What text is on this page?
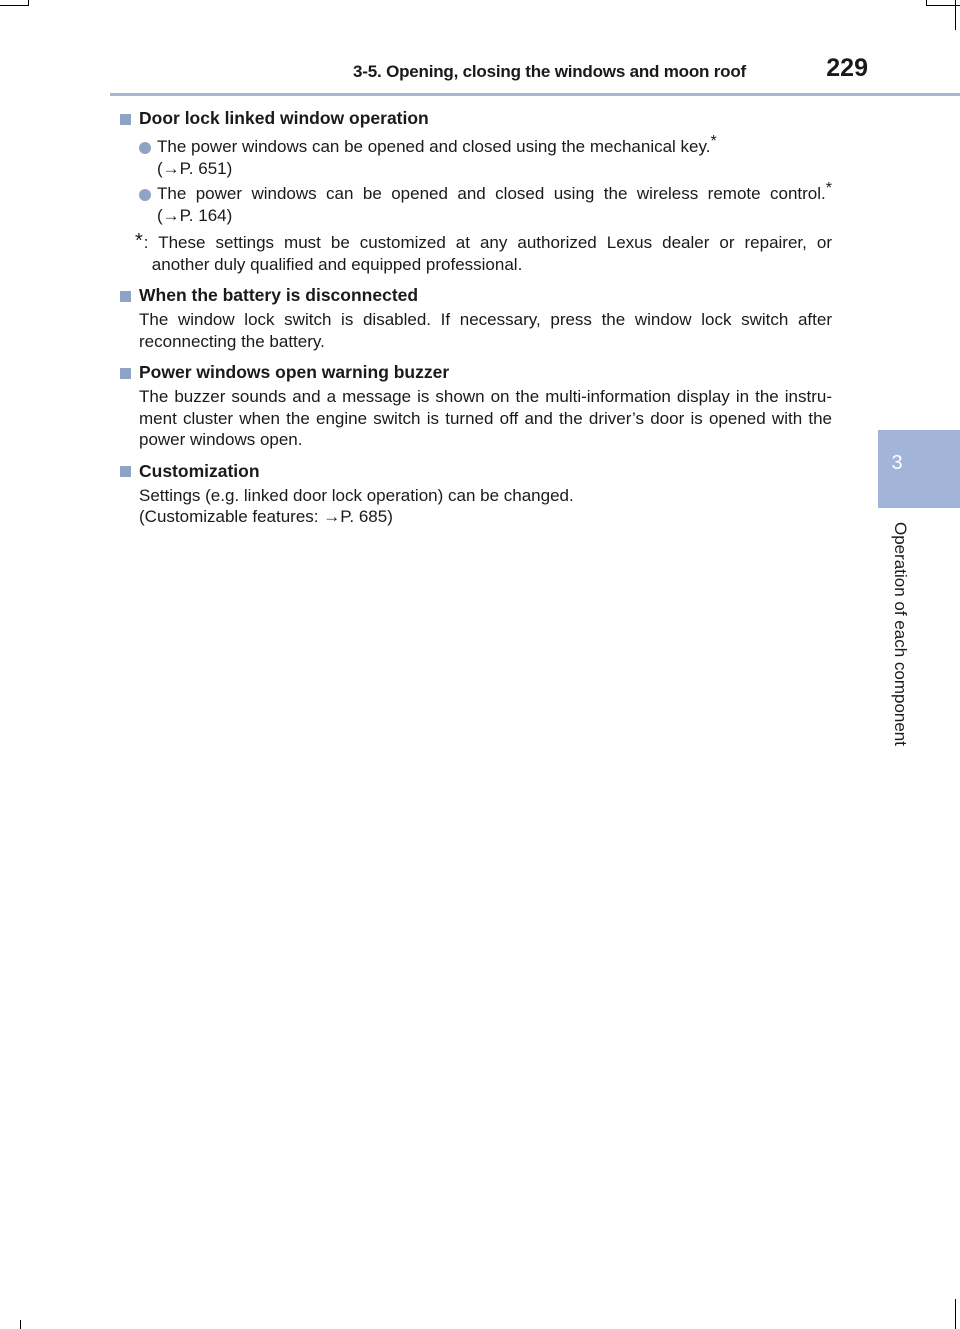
3-5. Opening, closing the windows and moon roof	229
3
Operation of each component
Door lock linked window operation
The power windows can be opened and closed using the mechanical key.*
(→P. 651)
The power windows can be opened and closed using the wireless remote control.*
(→P. 164)
* : These settings must be customized at any authorized Lexus dealer or repairer, or
another duly qualified and equipped professional.
When the battery is disconnected
The window lock switch is disabled. If necessary, press the window lock switch after
reconnecting the battery.
Power windows open warning buzzer
The buzzer sounds and a message is shown on the multi-information display in the instru-
ment cluster when the engine switch is turned off and the driver’s door is opened with the
power windows open.
Customization
Settings (e.g. linked door lock operation) can be changed.
(Customizable features: →P. 685)
